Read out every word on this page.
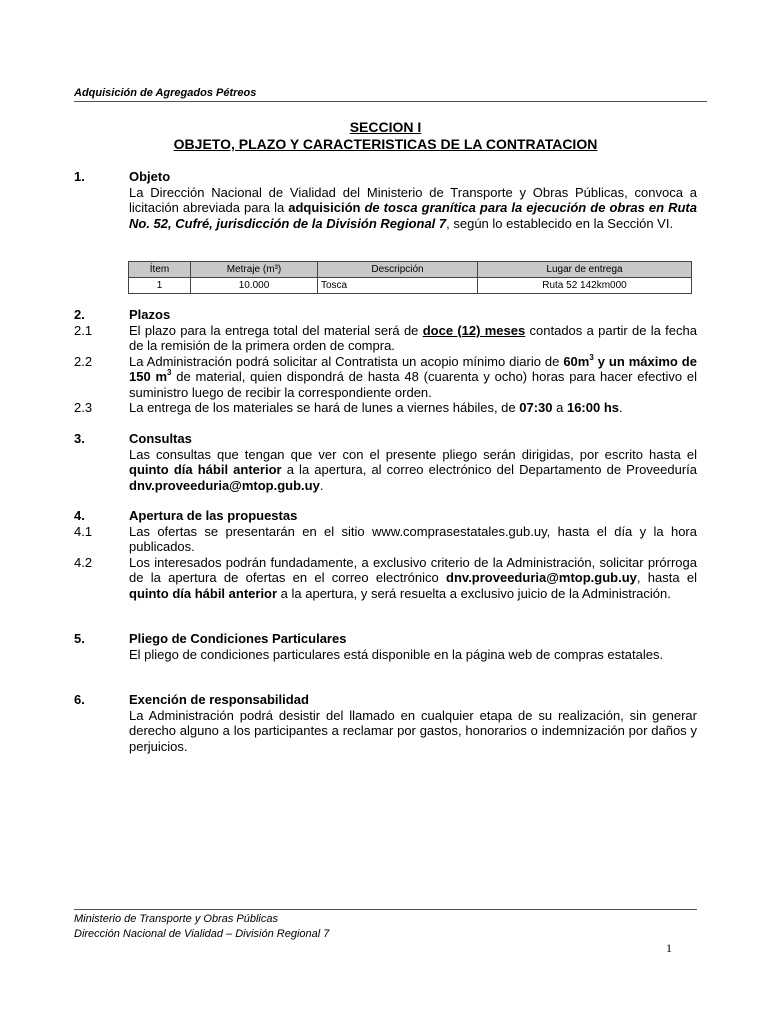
Adquisición de Agregados Pétreos
SECCION I
OBJETO, PLAZO Y CARACTERISTICAS DE LA CONTRATACION
1.	Objeto
La Dirección Nacional de Vialidad del Ministerio de Transporte y Obras Públicas, convoca a licitación abreviada para la adquisición de tosca granítica para la ejecución de obras en Ruta No. 52, Cufré, jurisdicción de la División Regional 7, según lo establecido en la Sección VI.
Ítem	Metraje (m³)	Descripción	Lugar de entrega
1	10.000	Tosca	Ruta 52 142km000
2.	Plazos
2.1	El plazo para la entrega total del material será de doce (12) meses contados a partir de la fecha de la remisión de la primera orden de compra.
2.2	La Administración podrá solicitar al Contratista un acopio mínimo diario de $60m^3$ y un máximo de 150 $m^3$ de material, quien dispondrá de hasta 48 (cuarenta y ocho) horas para hacer efectivo el suministro luego de recibir la correspondiente orden.
2.3	La entrega de los materiales se hará de lunes a viernes hábiles, de 07:30 a 16:00 hs.
3.	Consultas
Las consultas que tengan que ver con el presente pliego serán dirigidas, por escrito hasta el quinto día hábil anterior a la apertura, al correo electrónico del Departamento de Proveeduría dnv.proveeduria@mtop.gub.uy.
4.	Apertura de las propuestas
4.1	Las ofertas se presentarán en el sitio www.comprasestatales.gub.uy, hasta el día y la hora publicados.
4.2	Los interesados podrán fundadamente, a exclusivo criterio de la Administración, solicitar prórroga de la apertura de ofertas en el correo electrónico dnv.proveeduria@mtop.gub.uy, hasta el quinto día hábil anterior a la apertura, y será resuelta a exclusivo juicio de la Administración.
5.	Pliego de Condiciones Particulares
El pliego de condiciones particulares está disponible en la página web de compras estatales.
6.	Exención de responsabilidad
La Administración podrá desistir del llamado en cualquier etapa de su realización, sin generar derecho alguno a los participantes a reclamar por gastos, honorarios o indemnización por daños y perjuicios.
Ministerio de Transporte y Obras Públicas
Dirección Nacional de Vialidad – División Regional 7
1
